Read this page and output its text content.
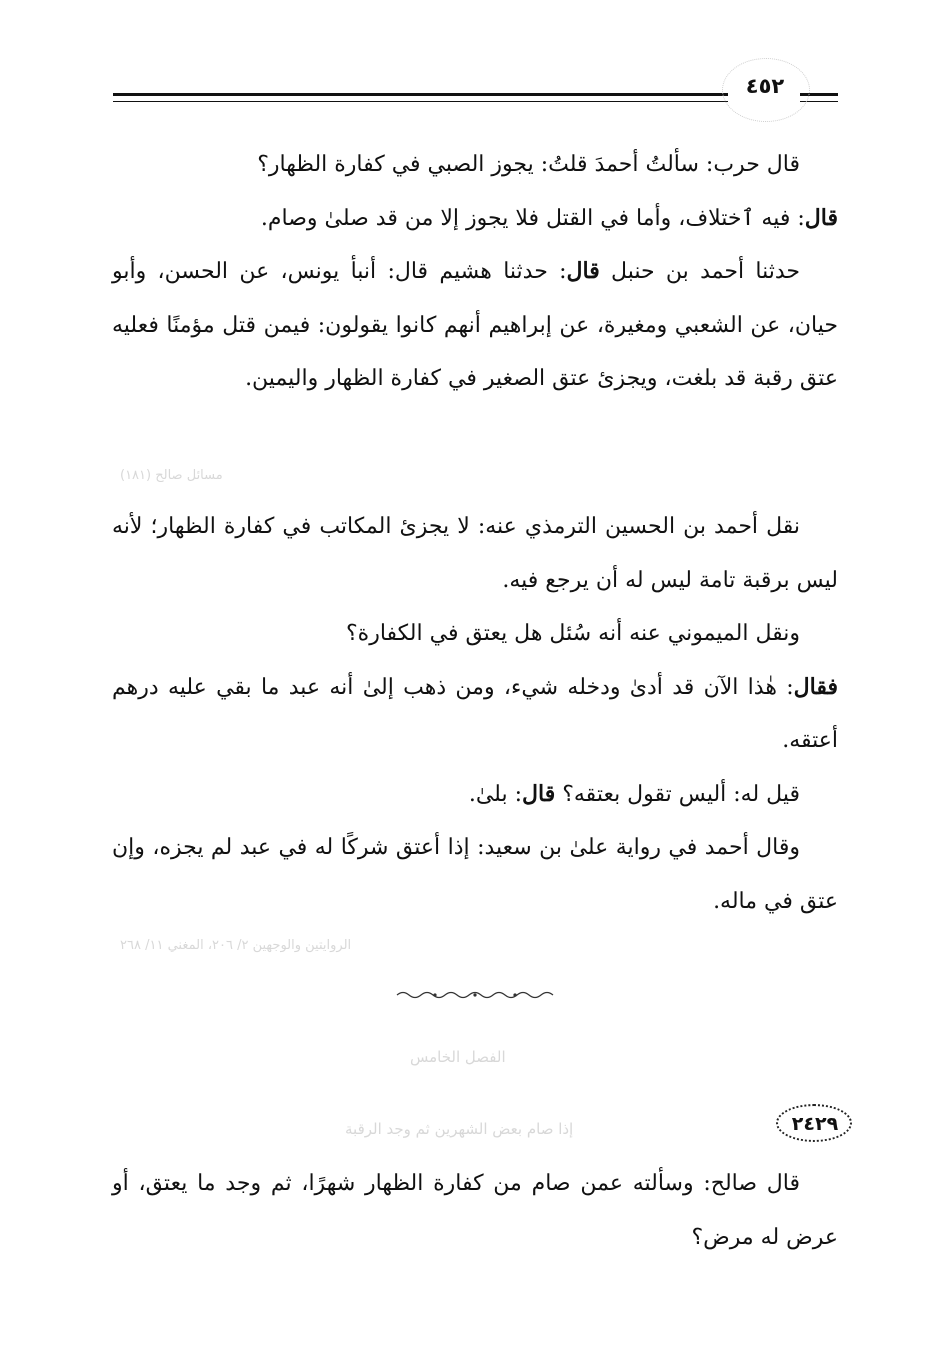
٤٥٢

قال حرب: سألتُ أحمدَ قلتُ: يجوز الصبي في كفارة الظهار؟

قال: فيه ٱختلاف، وأما في القتل فلا يجوز إلا من قد صلىٰ وصام.

حدثنا أحمد بن حنبل قال: حدثنا هشيم قال: أنبأ يونس، عن الحسن، وأبو حيان، عن الشعبي ومغيرة، عن إبراهيم أنهم كانوا يقولون: فيمن قتل مؤمنًا فعليه عتق رقبة قد بلغت، ويجزئ عتق الصغير في كفارة الظهار واليمين.

مسائل صالح (١٨١)

نقل أحمد بن الحسين الترمذي عنه: لا يجزئ المكاتب في كفارة الظهار؛ لأنه ليس برقبة تامة ليس له أن يرجع فيه.

ونقل الميموني عنه أنه سُئل هل يعتق في الكفارة؟

فقال: هٰذا الآن قد أدىٰ ودخله شيء، ومن ذهب إلىٰ أنه عبد ما بقي عليه درهم أعتقه.

قيل له: أليس تقول بعتقه؟ قال: بلىٰ.

وقال أحمد في رواية علىٰ بن سعيد: إذا أعتق شركًا له في عبد لم يجزه، وإن عتق في ماله.

الروايتين والوجهين ٢/ ٢٠٦، المغني ١١/ ٢٦٨
الفصل الخامس
إذا صام بعض الشهرين ثم وجد الرقبة	٢٤٢٩

قال صالح: وسألته عمن صام من كفارة الظهار شهرًا، ثم وجد ما يعتق، أو عرض له مرض؟
